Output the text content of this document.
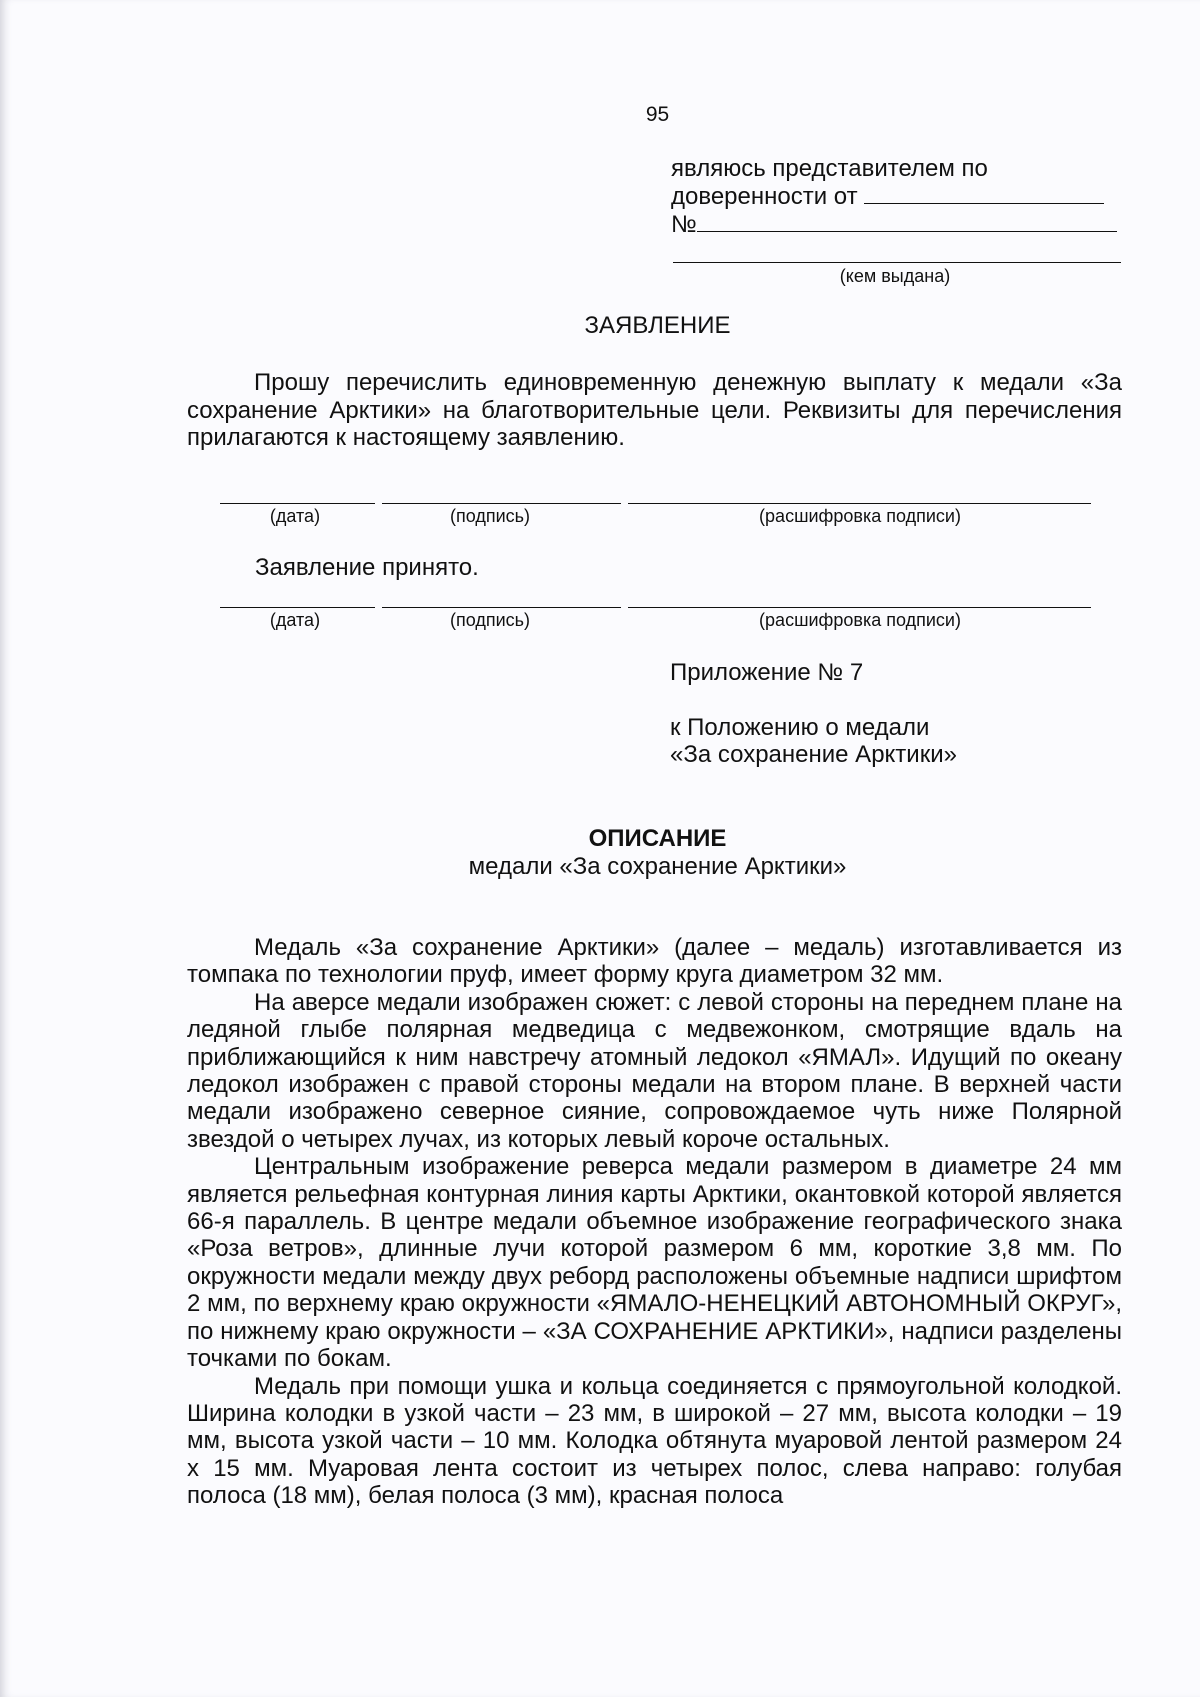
95
являюсь представителем по
доверенности от
№
(кем выдана)
ЗАЯВЛЕНИЕ

Прошу перечислить единовременную денежную выплату к медали «За сохранение Арктики» на благотворительные цели. Реквизиты для перечисления прилагаются к настоящему заявлению.

(дата)	(подпись)	(расшифровка подписи)
Заявление принято.
(дата)	(подпись)	(расшифровка подписи)
Приложение № 7
к Положению о медали
«За сохранение Арктики»
ОПИСАНИЕ
медали «За сохранение Арктики»

Медаль «За сохранение Арктики» (далее – медаль) изготавливается из томпака по технологии пруф, имеет форму круга диаметром 32 мм.

На аверсе медали изображен сюжет: с левой стороны на переднем плане на ледяной глыбе полярная медведица с медвежонком, смотрящие вдаль на приближающийся к ним навстречу атомный ледокол «ЯМАЛ». Идущий по океану ледокол изображен с правой стороны медали на втором плане. В верхней части медали изображено северное сияние, сопровождаемое чуть ниже Полярной звездой о четырех лучах, из которых левый короче остальных.

Центральным изображение реверса медали размером в диаметре 24 мм является рельефная контурная линия карты Арктики, окантовкой которой является 66-я параллель. В центре медали объемное изображение географического знака «Роза ветров», длинные лучи которой размером 6 мм, короткие 3,8 мм. По окружности медали между двух реборд расположены объемные надписи шрифтом 2 мм, по верхнему краю окружности «ЯМАЛО-НЕНЕЦКИЙ АВТОНОМНЫЙ ОКРУГ», по нижнему краю окружности – «ЗА СОХРАНЕНИЕ АРКТИКИ», надписи разделены точками по бокам.

Медаль при помощи ушка и кольца соединяется с прямоугольной колодкой. Ширина колодки в узкой части – 23 мм, в широкой – 27 мм, высота колодки – 19 мм, высота узкой части – 10 мм. Колодка обтянута муаровой лентой размером 24 х 15 мм. Муаровая лента состоит из четырех полос, слева направо: голубая полоса (18 мм), белая полоса (3 мм), красная полоса
